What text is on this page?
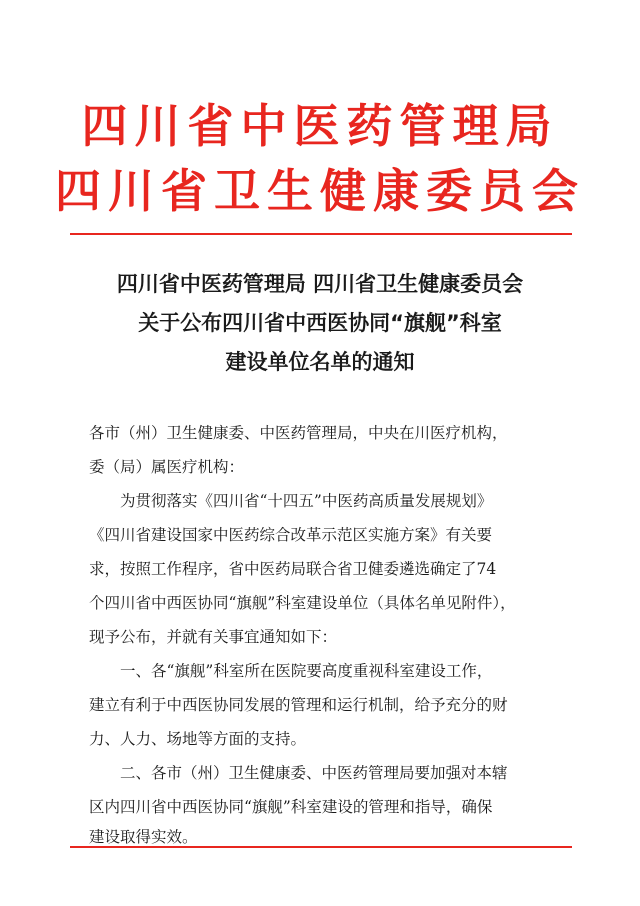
四川省中医药管理局
四川省卫生健康委员会
四川省中医药管理局 四川省卫生健康委员会
关于公布四川省中西医协同“旗舰”科室
建设单位名单的通知
各市（州）卫生健康委、中医药管理局，中央在川医疗机构，
委（局）属医疗机构：
　　为贯彻落实《四川省“十四五”中医药高质量发展规划》
《四川省建设国家中医药综合改革示范区实施方案》有关要
求，按照工作程序，省中医药局联合省卫健委遴选确定了74
个四川省中西医协同“旗舰”科室建设单位（具体名单见附件），
现予公布，并就有关事宜通知如下：
　　一、各“旗舰”科室所在医院要高度重视科室建设工作，
建立有利于中西医协同发展的管理和运行机制，给予充分的财
力、人力、场地等方面的支持。
　　二、各市（州）卫生健康委、中医药管理局要加强对本辖
区内四川省中西医协同“旗舰”科室建设的管理和指导，确保
建设取得实效。
